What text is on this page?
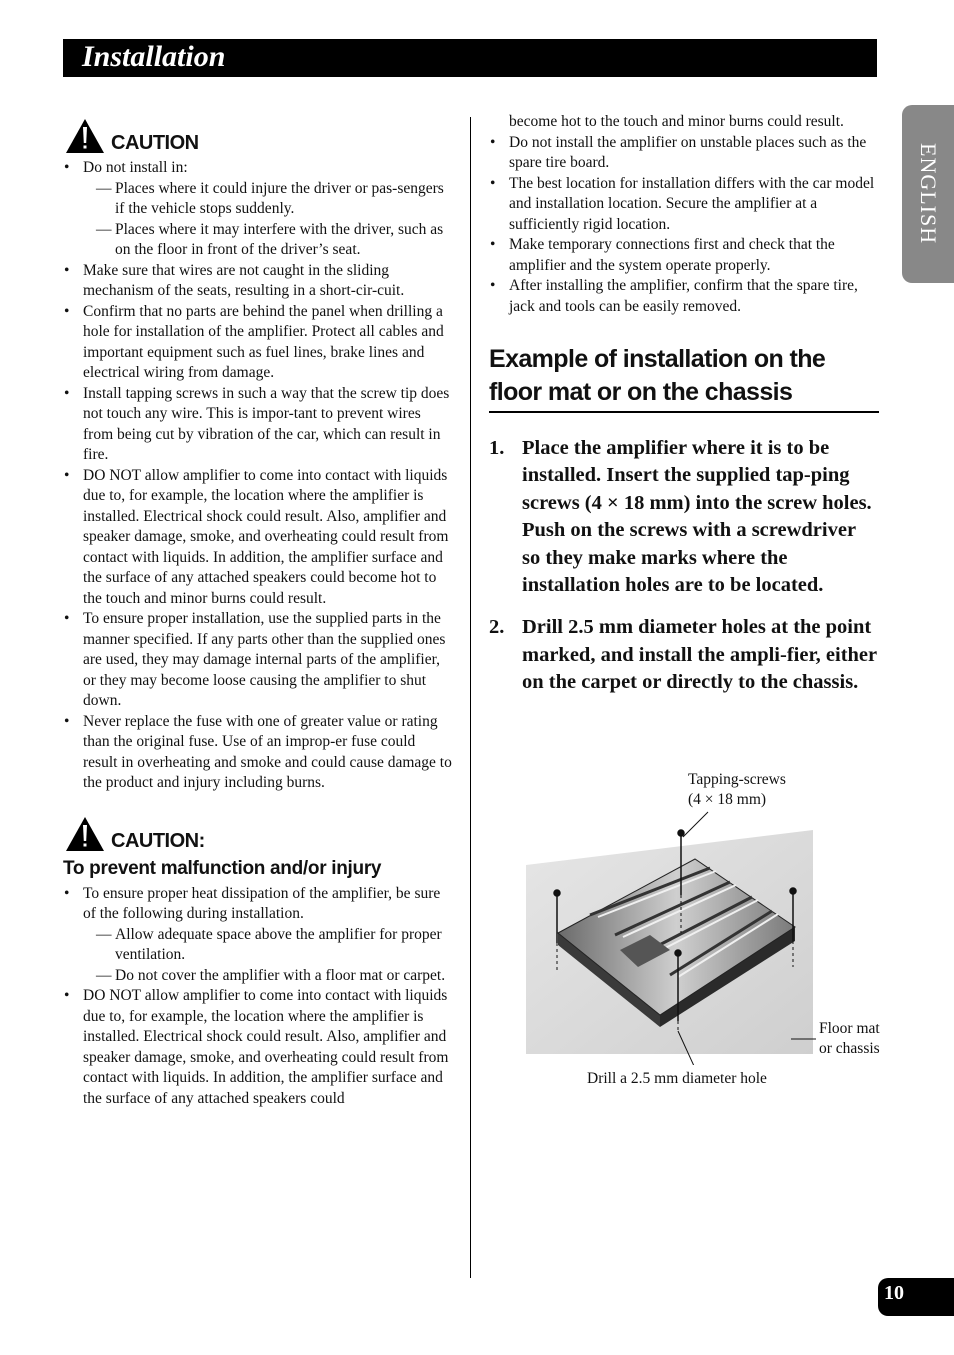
Installation
ENGLISH
10
CAUTION
• Do not install in:
— Places where it could injure the driver or pas-sengers if the vehicle stops suddenly.
— Places where it may interfere with the driver, such as on the floor in front of the driver’s seat.
• Make sure that wires are not caught in the sliding mechanism of the seats, resulting in a short-cir-cuit.
• Confirm that no parts are behind the panel when drilling a hole for installation of the amplifier. Protect all cables and important equipment such as fuel lines, brake lines and electrical wiring from damage.
• Install tapping screws in such a way that the screw tip does not touch any wire. This is impor-tant to prevent wires from being cut by vibration of the car, which can result in fire.
• DO NOT allow amplifier to come into contact with liquids due to, for example, the location where the amplifier is installed. Electrical shock could result. Also, amplifier and speaker damage, smoke, and overheating could result from contact with liquids. In addition, the amplifier surface and the surface of any attached speakers could become hot to the touch and minor burns could result.
• To ensure proper installation, use the supplied parts in the manner specified. If any parts other than the supplied ones are used, they may damage internal parts of the amplifier, or they may become loose causing the amplifier to shut down.
• Never replace the fuse with one of greater value or rating than the original fuse. Use of an improp-er fuse could result in overheating and smoke and could cause damage to the product and injury including burns.
CAUTION:
To prevent malfunction and/or injury
• To ensure proper heat dissipation of the amplifier, be sure of the following during installation.
— Allow adequate space above the amplifier for proper ventilation.
— Do not cover the amplifier with a floor mat or carpet.
• DO NOT allow amplifier to come into contact with liquids due to, for example, the location where the amplifier is installed. Electrical shock could result. Also, amplifier and speaker damage, smoke, and overheating could result from contact with liquids. In addition, the amplifier surface and the surface of any attached speakers could
become hot to the touch and minor burns could result.
• Do not install the amplifier on unstable places such as the spare tire board.
• The best location for installation differs with the car model and installation location. Secure the amplifier at a sufficiently rigid location.
• Make temporary connections first and check that the amplifier and the system operate properly.
• After installing the amplifier, confirm that the spare tire, jack and tools can be easily removed.
Example of installation on the floor mat or on the chassis
1. Place the amplifier where it is to be installed. Insert the supplied tap-ping screws (4 × 18 mm) into the screw holes. Push on the screws with a screwdriver so they make marks where the installation holes are to be located.
2. Drill 2.5 mm diameter holes at the point marked, and install the ampli-fier, either on the carpet or directly to the chassis.
Tapping-screws
(4 × 18 mm)
Floor mat
or chassis
Drill a 2.5 mm diameter hole
